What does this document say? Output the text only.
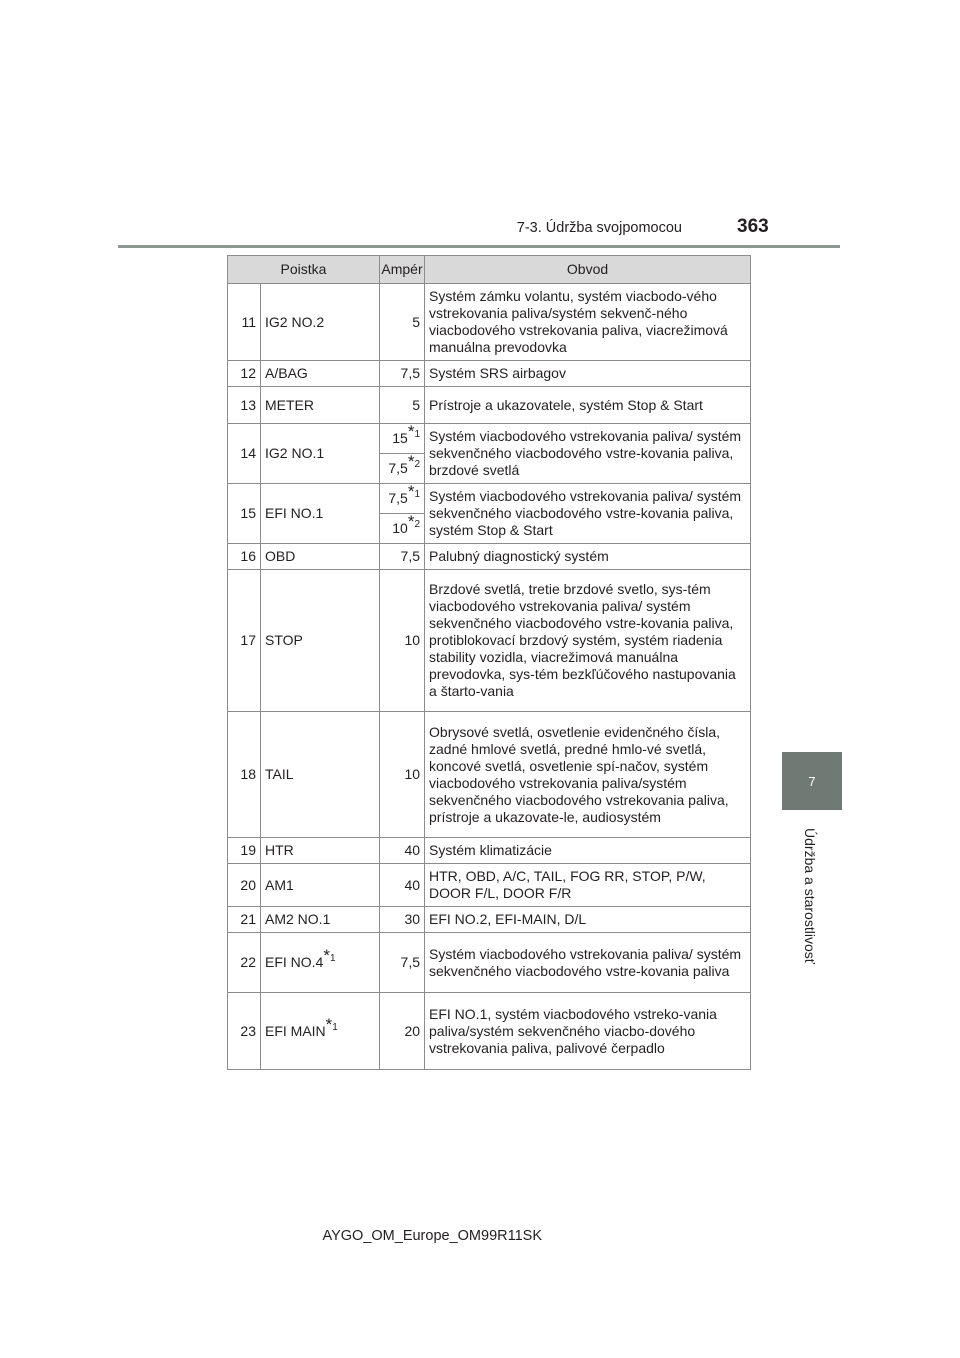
7-3. Údržba svojpomocou	363
7
Údržba a starostlivosť
Poistka		Ampér	Obvod
11	IG2 NO.2	5	Systém zámku volantu, systém viacbodo-vého vstrekovania paliva/systém sekvenč-ného viacbodového vstrekovania paliva, viacrežimová manuálna prevodovka
12	A/BAG	7,5	Systém SRS airbagov
13	METER	5	Prístroje a ukazovatele, systém Stop & Start
14	IG2 NO.1	15$^{*1}$	Systém viacbodového vstrekovania paliva/ systém sekvenčného viacbodového vstre-kovania paliva, brzdové svetlá
		7,5$^{*2}$
15	EFI NO.1	7,5$^{*1}$	Systém viacbodového vstrekovania paliva/ systém sekvenčného viacbodového vstre-kovania paliva, systém Stop & Start
		10$^{*2}$
16	OBD	7,5	Palubný diagnostický systém
17	STOP	10	Brzdové svetlá, tretie brzdové svetlo, sys-tém viacbodového vstrekovania paliva/ systém sekvenčného viacbodového vstre-kovania paliva, protiblokovací brzdový systém, systém riadenia stability vozidla, viacrežimová manuálna prevodovka, sys-tém bezkľúčového nastupovania a štarto-vania
18	TAIL	10	Obrysové svetlá, osvetlenie evidenčného čísla, zadné hmlové svetlá, predné hmlo-vé svetlá, koncové svetlá, osvetlenie spí-načov, systém viacbodového vstrekovania paliva/systém sekvenčného viacbodového vstrekovania paliva, prístroje a ukazovate-le, audiosystém
19	HTR	40	Systém klimatizácie
20	AM1	40	HTR, OBD, A/C, TAIL, FOG RR, STOP, P/W, DOOR F/L, DOOR F/R
21	AM2 NO.1	30	EFI NO.2, EFI-MAIN, D/L
22	EFI NO.4$^{*1}$	7,5	Systém viacbodového vstrekovania paliva/ systém sekvenčného viacbodového vstre-kovania paliva
23	EFI MAIN$^{*1}$	20	EFI NO.1, systém viacbodového vstreko-vania paliva/systém sekvenčného viacbo-dového vstrekovania paliva, palivové čerpadlo
AYGO_OM_Europe_OM99R11SK
